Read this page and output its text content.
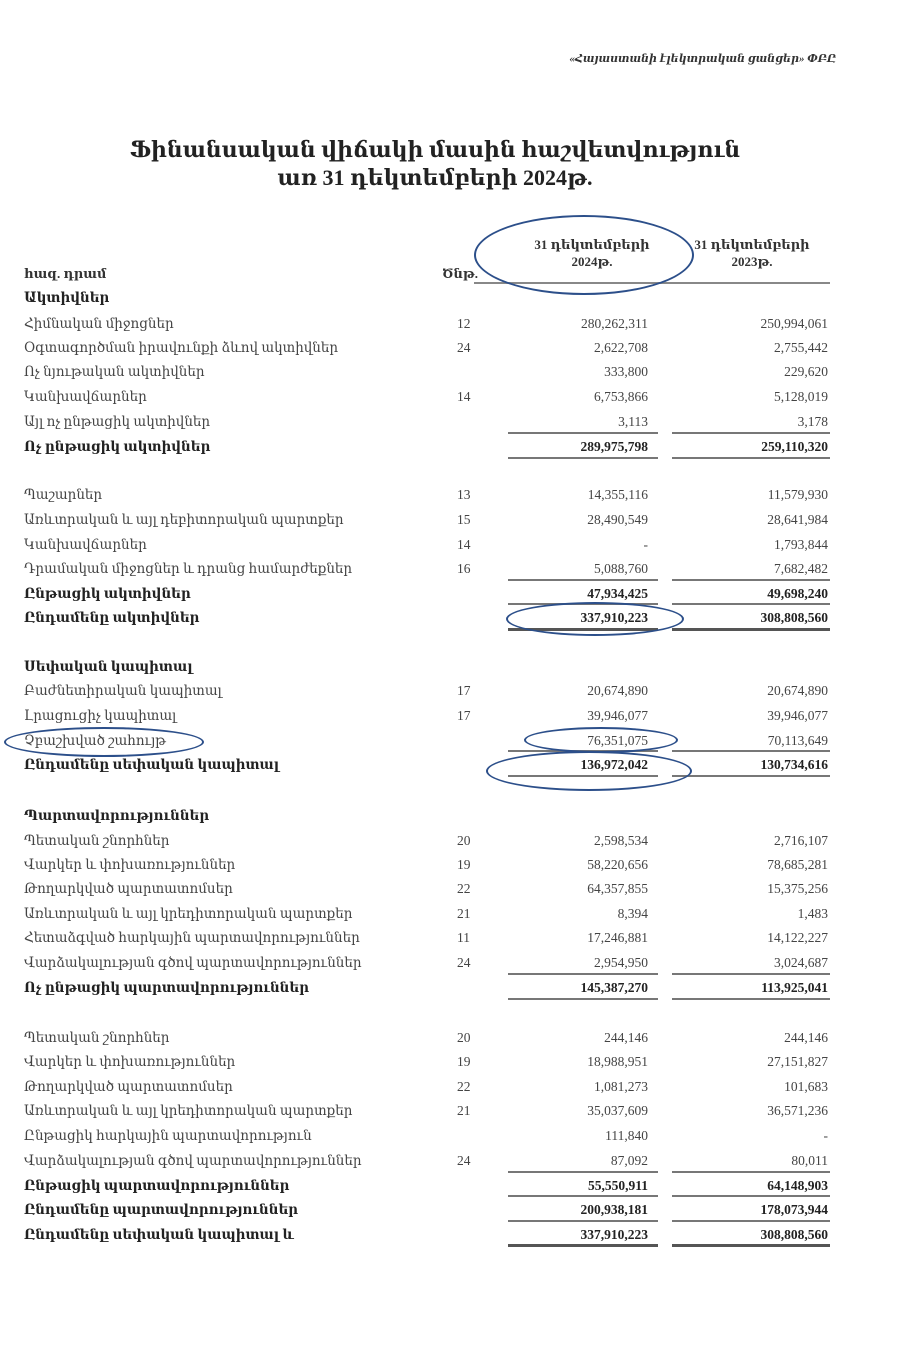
«Հայաստանի էլեկտրական ցանցեր» ՓԲԸ
Ֆինանսական վիճակի մասին հաշվետվություն
առ 31 դեկտեմբերի 2024թ.
31 դեկտեմբերի
2024թ.
31 դեկտեմբերի
2023թ.
հազ. դրամ	Ծնթ.
Ակտիվներ
Հիմնական միջոցներ	12	280,262,311	250,994,061
Օգտագործման իրավունքի ձևով ակտիվներ	24	2,622,708	2,755,442
Ոչ նյութական ակտիվներ	333,800	229,620
Կանխավճարներ	14	6,753,866	5,128,019
Այլ ոչ ընթացիկ ակտիվներ	3,113	3,178
Ոչ ընթացիկ ակտիվներ	289,975,798	259,110,320
Պաշարներ	13	14,355,116	11,579,930
Առևտրական և այլ դեբիտորական պարտքեր	15	28,490,549	28,641,984
Կանխավճարներ	14	-	1,793,844
Դրամական միջոցներ և դրանց համարժեքներ	16	5,088,760	7,682,482
Ընթացիկ ակտիվներ	47,934,425	49,698,240
Ընդամենը ակտիվներ	337,910,223	308,808,560
Սեփական կապիտալ
Բաժնետիրական կապիտալ	17	20,674,890	20,674,890
Լրացուցիչ կապիտալ	17	39,946,077	39,946,077
Չբաշխված շահույթ	76,351,075	70,113,649
Ընդամենը սեփական կապիտալ	136,972,042	130,734,616
Պարտավորություններ
Պետական շնորհներ	20	2,598,534	2,716,107
Վարկեր և փոխառություններ	19	58,220,656	78,685,281
Թողարկված պարտատոմսեր	22	64,357,855	15,375,256
Առևտրական և այլ կրեդիտորական պարտքեր	21	8,394	1,483
Հետաձգված հարկային պարտավորություններ	11	17,246,881	14,122,227
Վարձակալության գծով պարտավորություններ	24	2,954,950	3,024,687
Ոչ ընթացիկ պարտավորություններ	145,387,270	113,925,041
Պետական շնորհներ	20	244,146	244,146
Վարկեր և փոխառություններ	19	18,988,951	27,151,827
Թողարկված պարտատոմսեր	22	1,081,273	101,683
Առևտրական և այլ կրեդիտորական պարտքեր	21	35,037,609	36,571,236
Ընթացիկ հարկային պարտավորություն	111,840	-
Վարձակալության գծով պարտավորություններ	24	87,092	80,011
Ընթացիկ պարտավորություններ	55,550,911	64,148,903
Ընդամենը պարտավորություններ	200,938,181	178,073,944
Ընդամենը սեփական կապիտալ և	337,910,223	308,808,560
